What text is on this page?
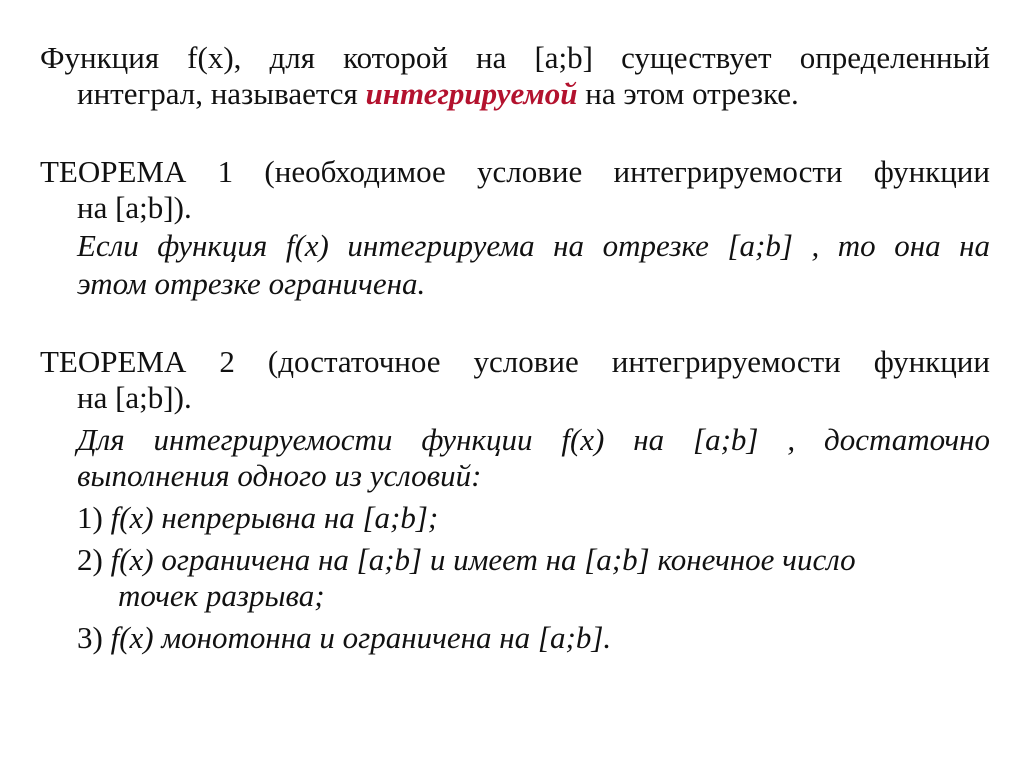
Функция f(x), для которой на [a;b] существует определенный
интеграл, называется интегрируемой на этом отрезке.
ТЕОРЕМА 1 (необходимое условие интегрируемости функции
на [a;b]).
Если функция f(x) интегрируема на отрезке [a;b] , то она на
этом отрезке ограничена.
ТЕОРЕМА 2 (достаточное условие интегрируемости функции
на [a;b]).
Для интегрируемости функции f(x) на [a;b] , достаточно
выполнения одного из условий:
1) f(x) непрерывна на [a;b];
2) f(x) ограничена на [a;b] и имеет на [a;b] конечное число
точек разрыва;
3) f(x) монотонна и ограничена на [a;b].
